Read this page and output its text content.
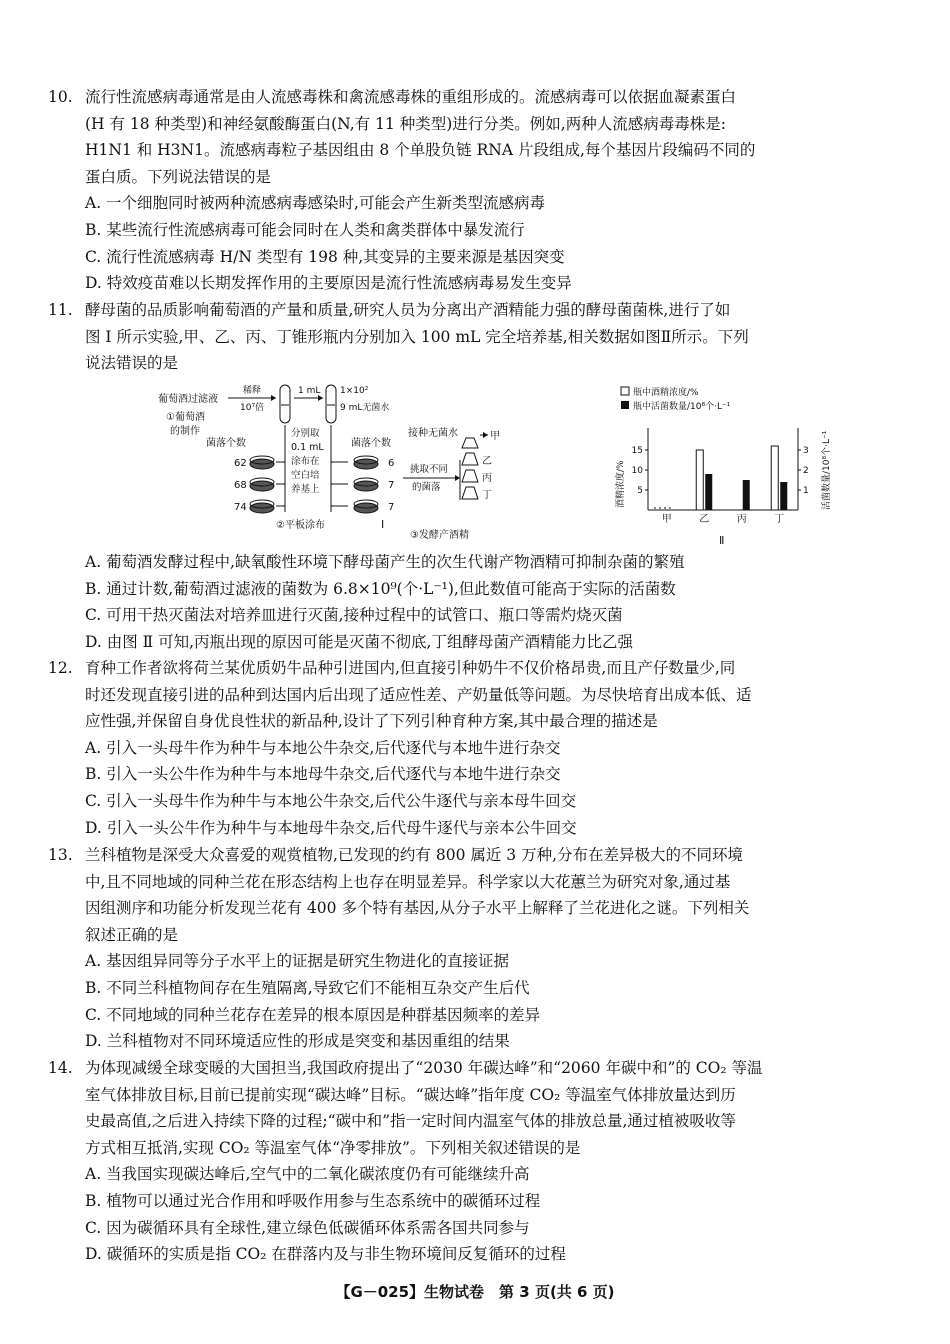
10. 流行性流感病毒通常是由人流感毒株和禽流感毒株的重组形成的。流感病毒可以依据血凝素蛋白
(H 有 18 种类型)和神经氨酸酶蛋白(N,有 11 种类型)进行分类。例如,两种人流感病毒毒株是:
H1N1 和 H3N1。流感病毒粒子基因组由 8 个单股负链 RNA 片段组成,每个基因片段编码不同的
蛋白质。下列说法错误的是
A. 一个细胞同时被两种流感病毒感染时,可能会产生新类型流感病毒
B. 某些流行性流感病毒可能会同时在人类和禽类群体中暴发流行
C. 流行性流感病毒 H/N 类型有 198 种,其变异的主要来源是基因突变
D. 特效疫苗难以长期发挥作用的主要原因是流行性流感病毒易发生变异
11. 酵母菌的品质影响葡萄酒的产量和质量,研究人员为分离出产酒精能力强的酵母菌菌株,进行了如
图 Ⅰ 所示实验,甲、乙、丙、丁锥形瓶内分别加入 100 mL 完全培养基,相关数据如图Ⅱ所示。下列
说法错误的是
葡萄酒过滤液
稀释
10⁷倍
1 mL 1×10²
9 mL无菌水
①葡萄酒
的制作
菌落个数
62
68
74
分别取
0.1 mL
涂布在
空白培
养基上
②平板涂布
菌落个数
6
7
7
接种无菌水	甲
挑取不同
的菌落
乙
丙
丁
③发酵产酒精
Ⅰ
瓶中酒精浓度/%
瓶中活菌数量/10⁸个·L⁻¹
酒精浓度/%	活菌数量/10⁸个·L⁻¹
5
10
15
1
2
3
甲	乙	丙	丁
Ⅱ
A. 葡萄酒发酵过程中,缺氧酸性环境下酵母菌产生的次生代谢产物酒精可抑制杂菌的繁殖
B. 通过计数,葡萄酒过滤液的菌数为 6.8×10⁹(个·L⁻¹),但此数值可能高于实际的活菌数
C. 可用干热灭菌法对培养皿进行灭菌,接种过程中的试管口、瓶口等需灼烧灭菌
D. 由图 Ⅱ 可知,丙瓶出现的原因可能是灭菌不彻底,丁组酵母菌产酒精能力比乙强
12. 育种工作者欲将荷兰某优质奶牛品种引进国内,但直接引种奶牛不仅价格昂贵,而且产仔数量少,同
时还发现直接引进的品种到达国内后出现了适应性差、产奶量低等问题。为尽快培育出成本低、适
应性强,并保留自身优良性状的新品种,设计了下列引种育种方案,其中最合理的描述是
A. 引入一头母牛作为种牛与本地公牛杂交,后代逐代与本地牛进行杂交
B. 引入一头公牛作为种牛与本地母牛杂交,后代逐代与本地牛进行杂交
C. 引入一头母牛作为种牛与本地公牛杂交,后代公牛逐代与亲本母牛回交
D. 引入一头公牛作为种牛与本地母牛杂交,后代母牛逐代与亲本公牛回交
13. 兰科植物是深受大众喜爱的观赏植物,已发现的约有 800 属近 3 万种,分布在差异极大的不同环境
中,且不同地域的同种兰花在形态结构上也存在明显差异。科学家以大花蕙兰为研究对象,通过基
因组测序和功能分析发现兰花有 400 多个特有基因,从分子水平上解释了兰花进化之谜。下列相关
叙述正确的是
A. 基因组异同等分子水平上的证据是研究生物进化的直接证据
B. 不同兰科植物间存在生殖隔离,导致它们不能相互杂交产生后代
C. 不同地域的同种兰花存在差异的根本原因是种群基因频率的差异
D. 兰科植物对不同环境适应性的形成是突变和基因重组的结果
14. 为体现减缓全球变暖的大国担当,我国政府提出了“2030 年碳达峰”和“2060 年碳中和”的 CO₂ 等温
室气体排放目标,目前已提前实现“碳达峰”目标。“碳达峰”指年度 CO₂ 等温室气体排放量达到历
史最高值,之后进入持续下降的过程;“碳中和”指一定时间内温室气体的排放总量,通过植被吸收等
方式相互抵消,实现 CO₂ 等温室气体“净零排放”。下列相关叙述错误的是
A. 当我国实现碳达峰后,空气中的二氧化碳浓度仍有可能继续升高
B. 植物可以通过光合作用和呼吸作用参与生态系统中的碳循环过程
C. 因为碳循环具有全球性,建立绿色低碳循环体系需各国共同参与
D. 碳循环的实质是指 CO₂ 在群落内及与非生物环境间反复循环的过程
【G－025】生物试卷　第 3 页(共 6 页)
